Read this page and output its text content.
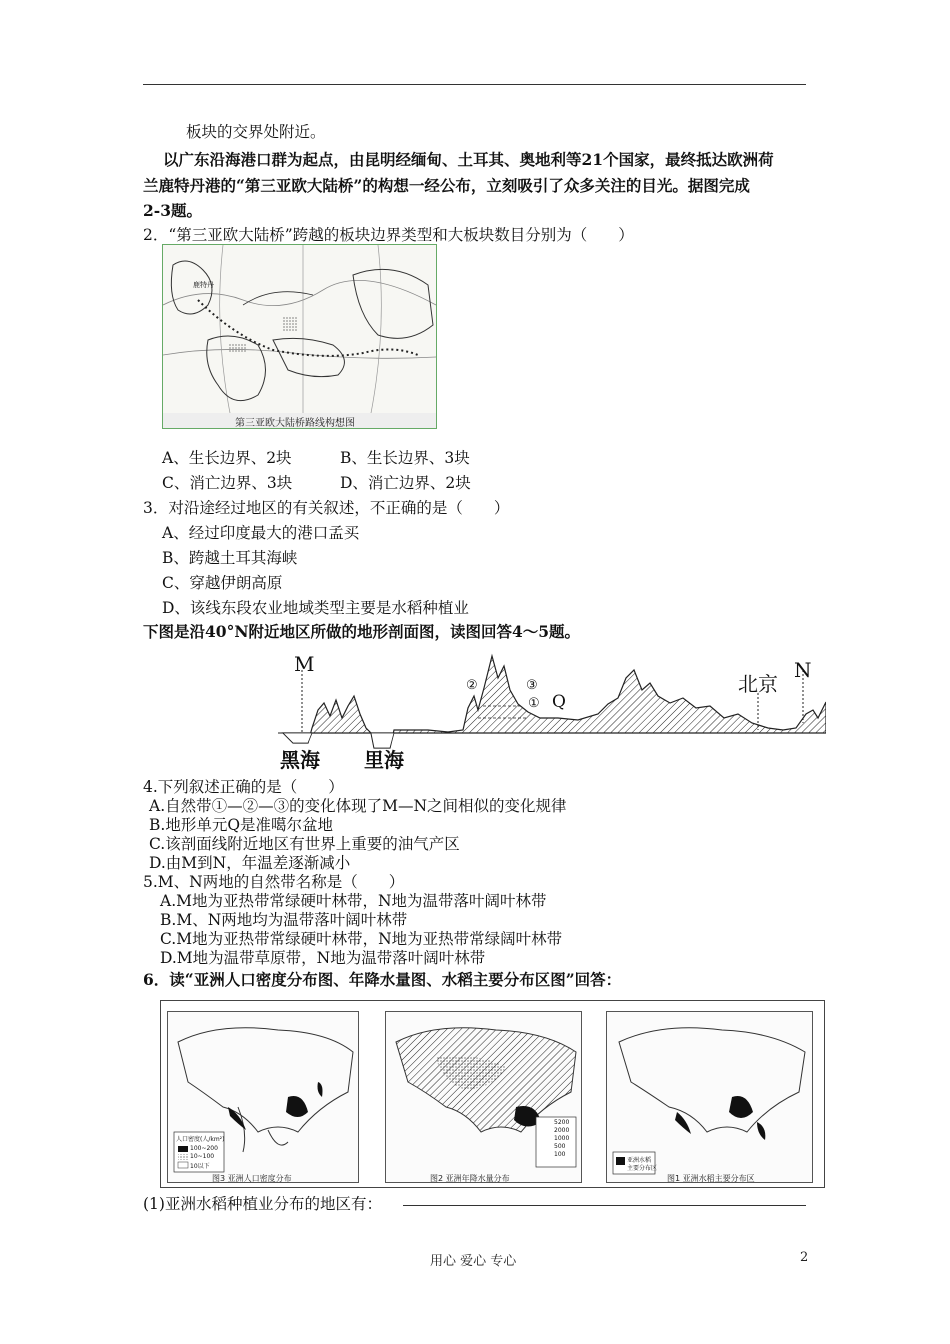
板块的交界处附近。
以广东沿海港口群为起点，由昆明经缅甸、土耳其、奥地利等21个国家，最终抵达欧洲荷
兰鹿特丹港的“第三亚欧大陆桥”的构想一经公布，立刻吸引了众多关注的目光。据图完成
2-3题。
2．“第三亚欧大陆桥”跨越的板块边界类型和大板块数目分别为（　　）
鹿特丹
第三亚欧大陆桥路线构想图
A、生长边界、2块	B、生长边界、3块
C、消亡边界、3块	D、消亡边界、2块
3．对沿途经过地区的有关叙述，不正确的是（　　）
A、经过印度最大的港口孟买
B、跨越土耳其海峡
C、穿越伊朗高原
D、该线东段农业地域类型主要是水稻种植业
下图是沿40°N附近地区所做的地形剖面图，读图回答4～5题。
M	N
北京
Q
②	③
①
黑海 里海
4.下列叙述正确的是（　　）
A.自然带①—②—③的变化体现了M—N之间相似的变化规律
B.地形单元Q是准噶尔盆地
C.该剖面线附近地区有世界上重要的油气产区
D.由M到N，年温差逐渐减小
5.M、N两地的自然带名称是（　　）
A.M地为亚热带常绿硬叶林带，N地为温带落叶阔叶林带
B.M、N两地均为温带落叶阔叶林带
C.M地为亚热带常绿硬叶林带，N地为亚热带常绿阔叶林带
D.M地为温带草原带，N地为温带落叶阔叶林带
6．读“亚洲人口密度分布图、年降水量图、水稻主要分布区图”回答：
人口密度(人/km²)
100~200
10~100
10以下
图3 亚洲人口密度分布
5200
2000
1000
500
100
图2 亚洲年降水量分布
亚洲水稻
主要分布区
图1 亚洲水稻主要分布区
(1)亚洲水稻种植业分布的地区有：
用心 爱心 专心	2
